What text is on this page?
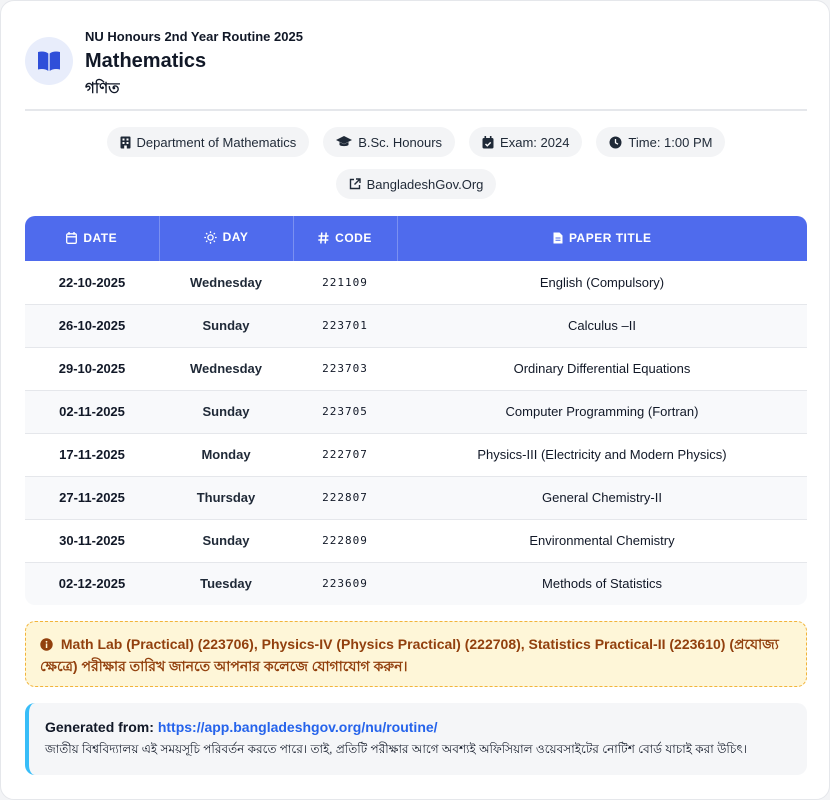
NU Honours 2nd Year Routine 2025
Mathematics
গণিত
Department of Mathematics	B.Sc. Honours	Exam: 2024	Time: 1:00 PM
BangladeshGov.Org
DATE	DAY	CODE	PAPER TITLE

22-10-2025	Wednesday	221109	English (Compulsory)
26-10-2025	Sunday	223701	Calculus –II
29-10-2025	Wednesday	223703	Ordinary Differential Equations
02-11-2025	Sunday	223705	Computer Programming (Fortran)
17-11-2025	Monday	222707	Physics-III (Electricity and Modern Physics)
27-11-2025	Thursday	222807	General Chemistry-II
30-11-2025	Sunday	222809	Environmental Chemistry
02-12-2025	Tuesday	223609	Methods of Statistics
Math Lab (Practical) (223706), Physics-IV (Physics Practical) (222708), Statistics Practical-II (223610) (প্রযোজ্য ক্ষেত্রে) পরীক্ষার তারিখ জানতে আপনার কলেজে যোগাযোগ করুন।
Generated from: https://app.bangladeshgov.org/nu/routine/
জাতীয় বিশ্ববিদ্যালয় এই সময়সূচি পরিবর্তন করতে পারে। তাই, প্রতিটি পরীক্ষার আগে অবশ্যই অফিসিয়াল ওয়েবসাইটের নোটিশ বোর্ড যাচাই করা উচিৎ।
